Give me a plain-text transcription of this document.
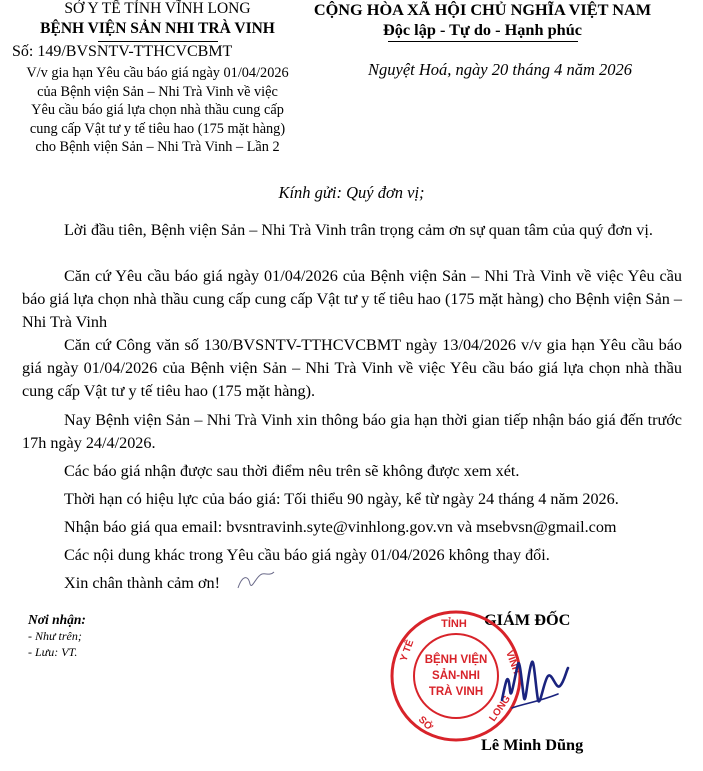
SỞ Y TẾ TỈNH VĨNH LONG
BỆNH VIỆN SẢN NHI TRÀ VINH
Số: 149/BVSNTV-TTHCVCBMT
V/v gia hạn Yêu cầu báo giá ngày 01/04/2026
của Bệnh viện Sản – Nhi Trà Vinh về việc
Yêu cầu báo giá lựa chọn nhà thầu cung cấp
cung cấp Vật tư y tế tiêu hao (175 mặt hàng)
cho Bệnh viện Sản – Nhi Trà Vinh – Lần 2
CỘNG HÒA XÃ HỘI CHỦ NGHĨA VIỆT NAM
Độc lập - Tự do - Hạnh phúc
Nguyệt Hoá, ngày 20 tháng 4 năm 2026
Kính gửi: Quý đơn vị;
Lời đầu tiên, Bệnh viện Sản – Nhi Trà Vinh trân trọng cảm ơn sự quan tâm của quý đơn vị.
Căn cứ Yêu cầu báo giá ngày 01/04/2026 của Bệnh viện Sản – Nhi Trà Vinh về việc Yêu cầu báo giá lựa chọn nhà thầu cung cấp cung cấp Vật tư y tế tiêu hao (175 mặt hàng) cho Bệnh viện Sản – Nhi Trà Vinh
Căn cứ Công văn số 130/BVSNTV-TTHCVCBMT ngày 13/04/2026 v/v gia hạn Yêu cầu báo giá ngày 01/04/2026 của Bệnh viện Sản – Nhi Trà Vinh về việc Yêu cầu báo giá lựa chọn nhà thầu cung cấp Vật tư y tế tiêu hao (175 mặt hàng).
Nay Bệnh viện Sản – Nhi Trà Vinh xin thông báo gia hạn thời gian tiếp nhận báo giá đến trước 17h ngày 24/4/2026.
Các báo giá nhận được sau thời điểm nêu trên sẽ không được xem xét.
Thời hạn có hiệu lực của báo giá: Tối thiểu 90 ngày, kể từ ngày 24 tháng 4 năm 2026.
Nhận báo giá qua email: bvsntravinh.syte@vinhlong.gov.vn và msebvsn@gmail.com
Các nội dung khác trong Yêu cầu báo giá ngày 01/04/2026 không thay đổi.
Xin chân thành cảm ơn!
Nơi nhận:
- Như trên;
- Lưu: VT.
GIÁM ĐỐC
TỈNH
Y TẾ	VINH
SỞ	LONG
BỆNH VIỆN
SẢN-NHI
TRÀ VINH
Lê Minh Dũng
